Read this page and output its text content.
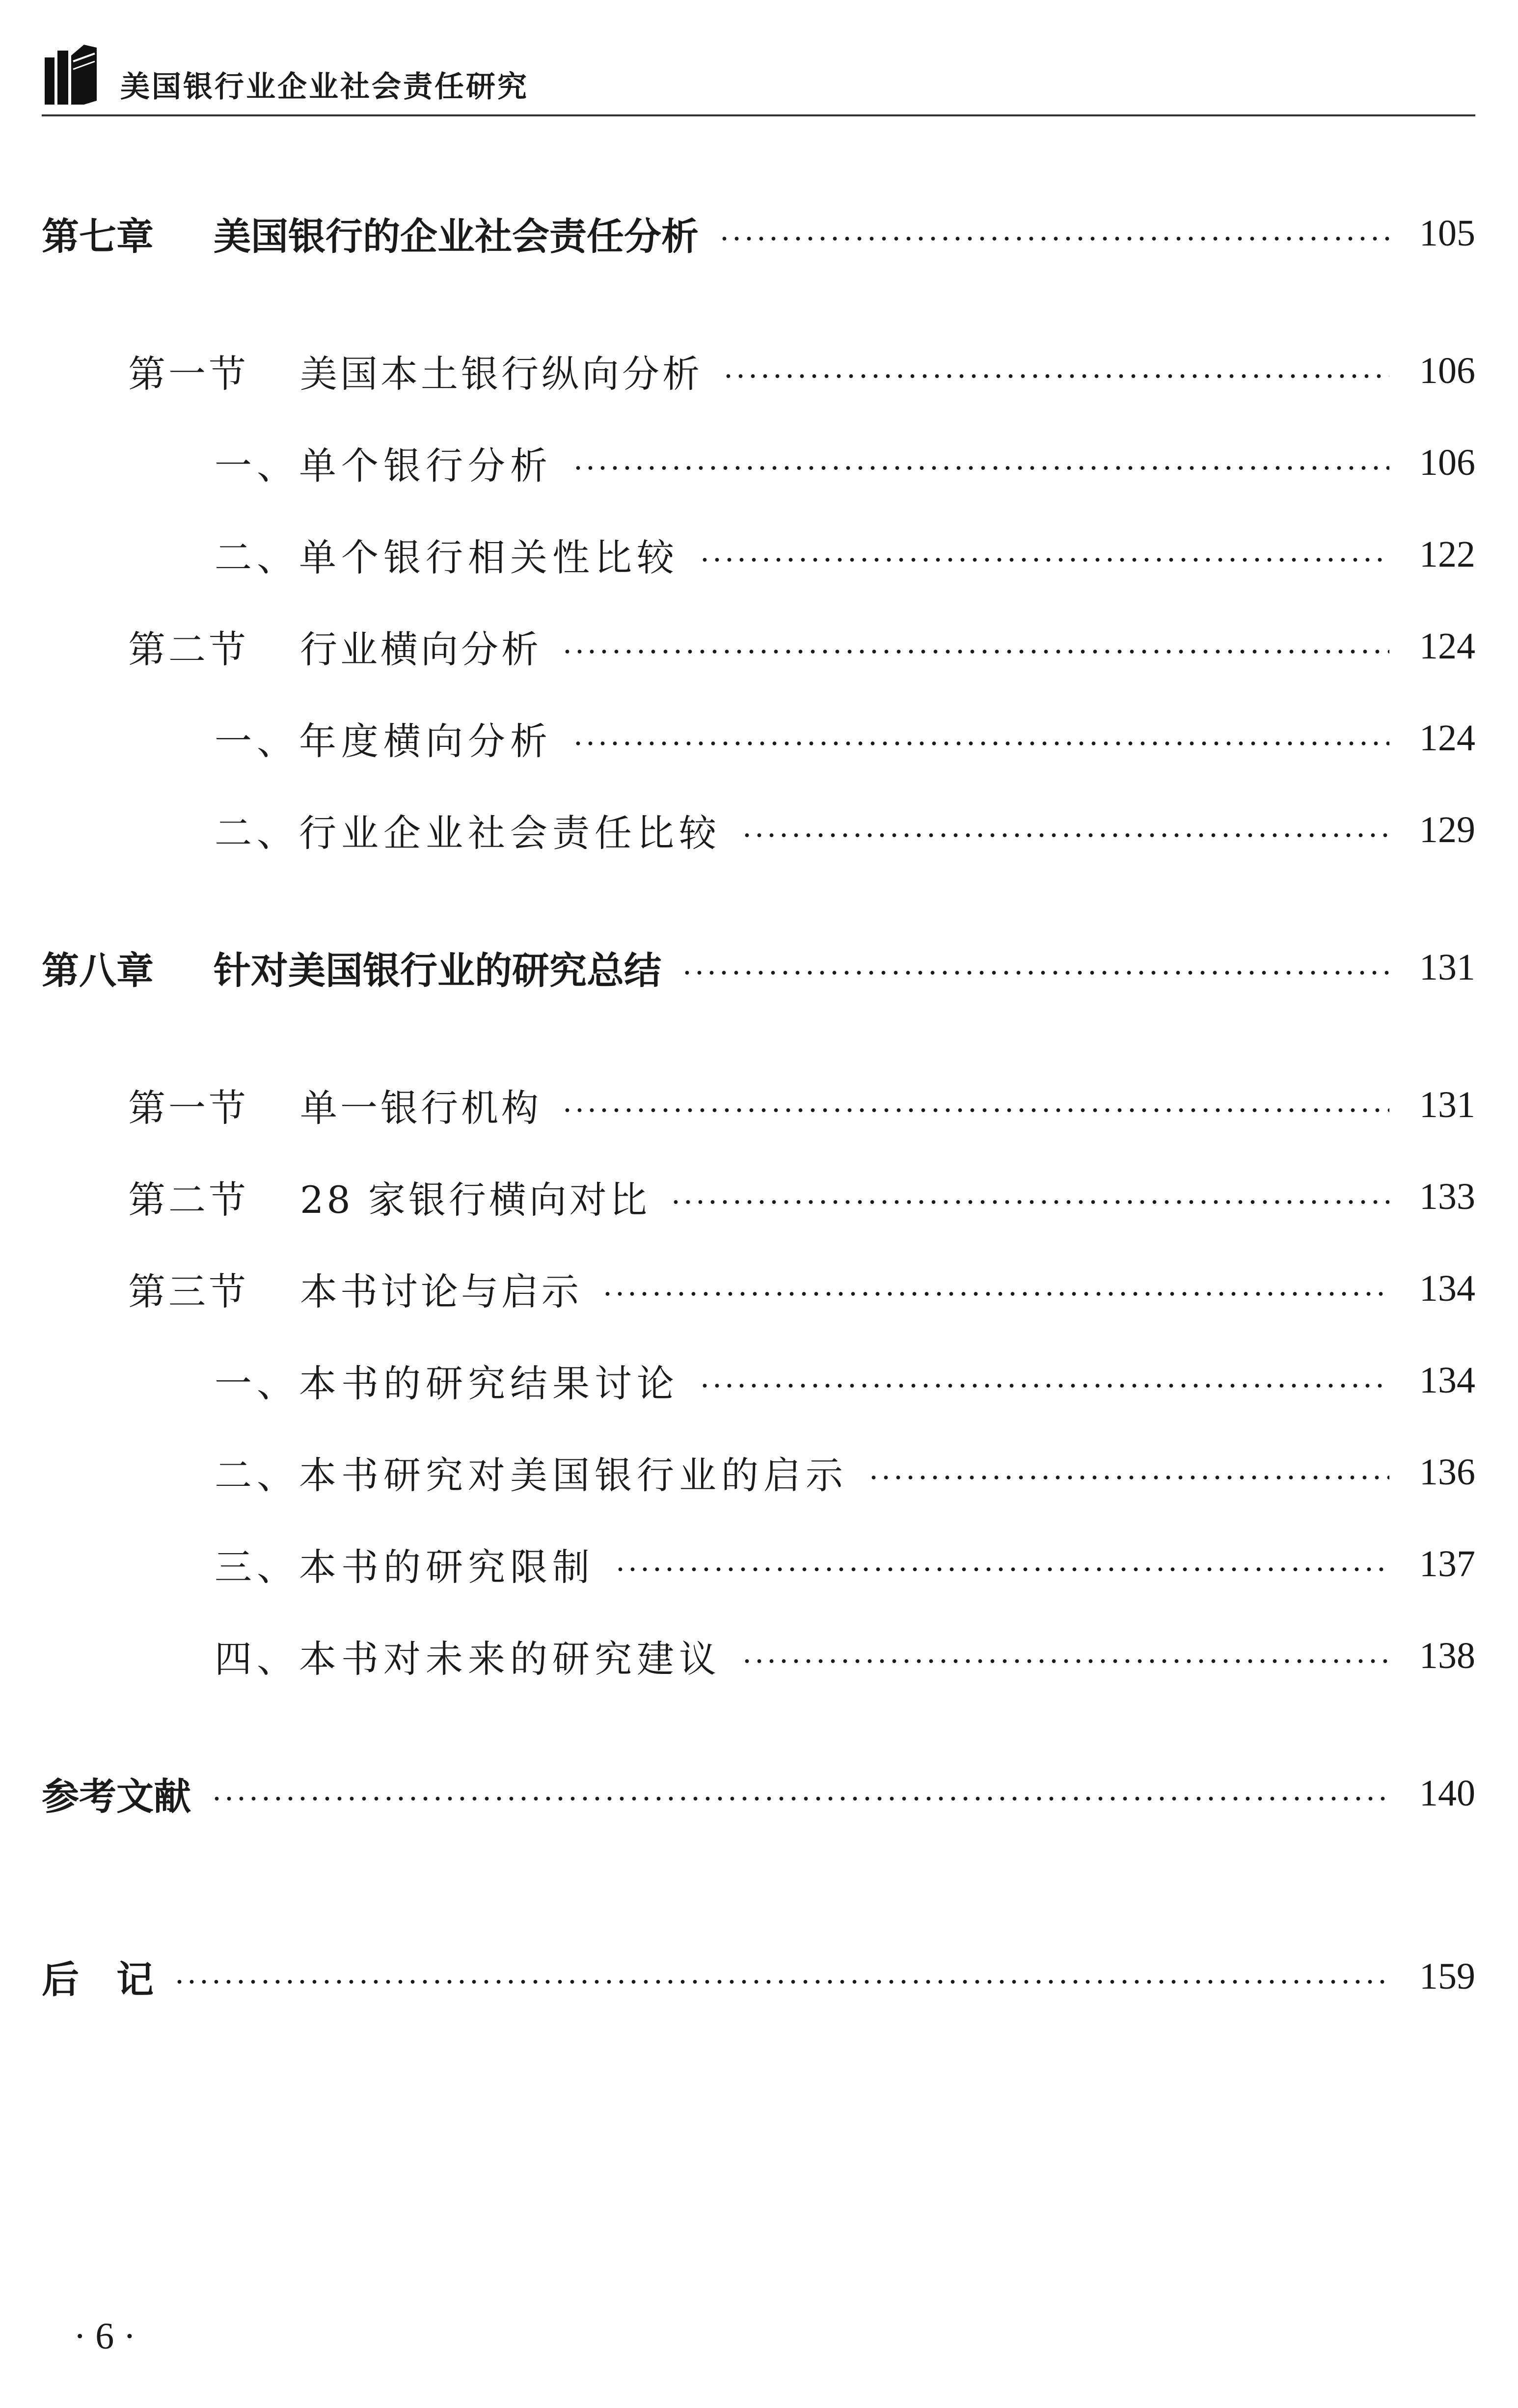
美国银行业企业社会责任研究
第七章	美国银行的企业社会责任分析	105
第一节	美国本土银行纵向分析	106
一、单个银行分析	106
二、单个银行相关性比较	122
第二节	行业横向分析	124
一、年度横向分析	124
二、行业企业社会责任比较	129
第八章	针对美国银行业的研究总结	131
第一节	单一银行机构	131
第二节	28 家银行横向对比	133
第三节	本书讨论与启示	134
一、本书的研究结果讨论	134
二、本书研究对美国银行业的启示	136
三、本书的研究限制	137
四、本书对未来的研究建议	138
参考文献	140
后　记	159
· 6 ·
